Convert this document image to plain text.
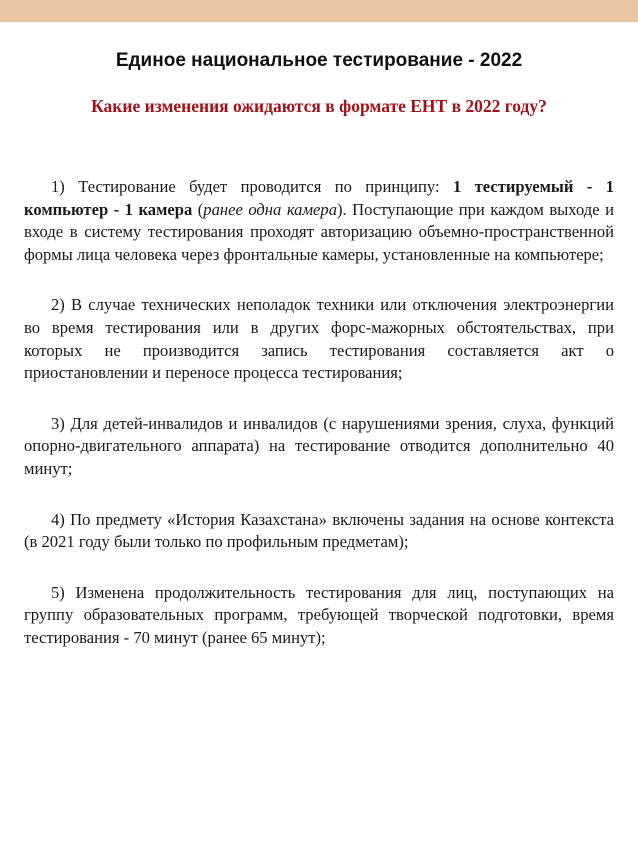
Единое национальное тестирование - 2022
Какие изменения ожидаются в формате ЕНТ в 2022 году?

1) Тестирование будет проводится по принципу: 1 тестируемый - 1 компьютер - 1 камера (ранее одна камера). Поступающие при каждом выходе и входе в систему тестирования проходят авторизацию объемно-пространственной формы лица человека через фронтальные камеры, установленные на компьютере;

2) В случае технических неполадок техники или отключения электроэнергии во время тестирования или в других форс-мажорных обстоятельствах, при которых не производится запись тестирования составляется акт о приостановлении и переносе процесса тестирования;

3) Для детей-инвалидов и инвалидов (с нарушениями зрения, слуха, функций опорно-двигательного аппарата) на тестирование отводится дополнительно 40 минут;

4) По предмету «История Казахстана» включены задания на основе контекста (в 2021 году были только по профильным предметам);

5) Изменена продолжительность тестирования для лиц, поступающих на группу образовательных программ, требующей творческой подготовки, время тестирования - 70 минут (ранее 65 минут);
